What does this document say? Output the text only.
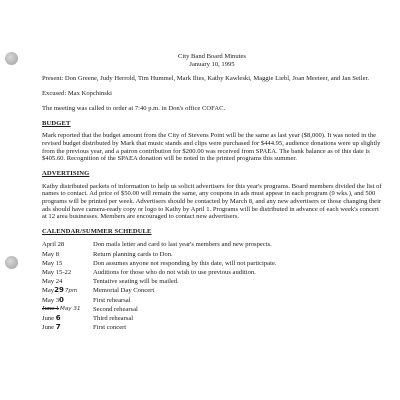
City Band Board Minutes
January 10, 1995

Present: Don Greene, Judy Herrold, Tim Hummel, Mark Iltes, Kathy Kawleski, Maggie Liebl, Joan Meeteer, and Jan Seiler.

Excused: Max Kopchinski

The meeting was called to order at 7:40 p.m. in Don's office COFAC.

BUDGET

Mark reported that the budget amount from the City of Stevens Point will be the same as last year ($8,000). It was noted in the revised budget distributed by Mark that music stands and clips were purchased for $444.95, audience donations were up slightly from the previous year, and a patron contribution for $200.00 was received from SPAEA. The bank balance as of this date is $405.60. Recognition of the SPAEA donation will be noted in the printed programs this summer.

ADVERTISING

Kathy distributed packets of information to help us solicit advertisers for this year's programs. Board members divided the list of names to contact. Ad price of $50.00 will remain the same, any coupons in ads must appear in each program (9 wks.), and 500 programs will be printed per week. Advertisers should be contacted by March 8, and any new advertisers or those changing their ads should have camera-ready copy or logo to Kathy by April 1. Programs will be distributed in advance of each week's concert at 12 area businesses. Members are encouraged to contact new advertisers.

CALENDAR/SUMMER SCHEDULE
April 28	Don mails letter and card to last year's members and new prospects.
May 8	Return planning cards to Don.
May 15	Don assumes anyone not responding by this date, will not participate.
May 15-22	Auditions for those who do not wish to use previous audition.
May 24	Tentative seating will be mailed.
May297pm	Memorial Day Concert
May 30	First rehearsal
June 1May 31	Second rehearsal
June 6	Third rehearsal
June 7	First concert
